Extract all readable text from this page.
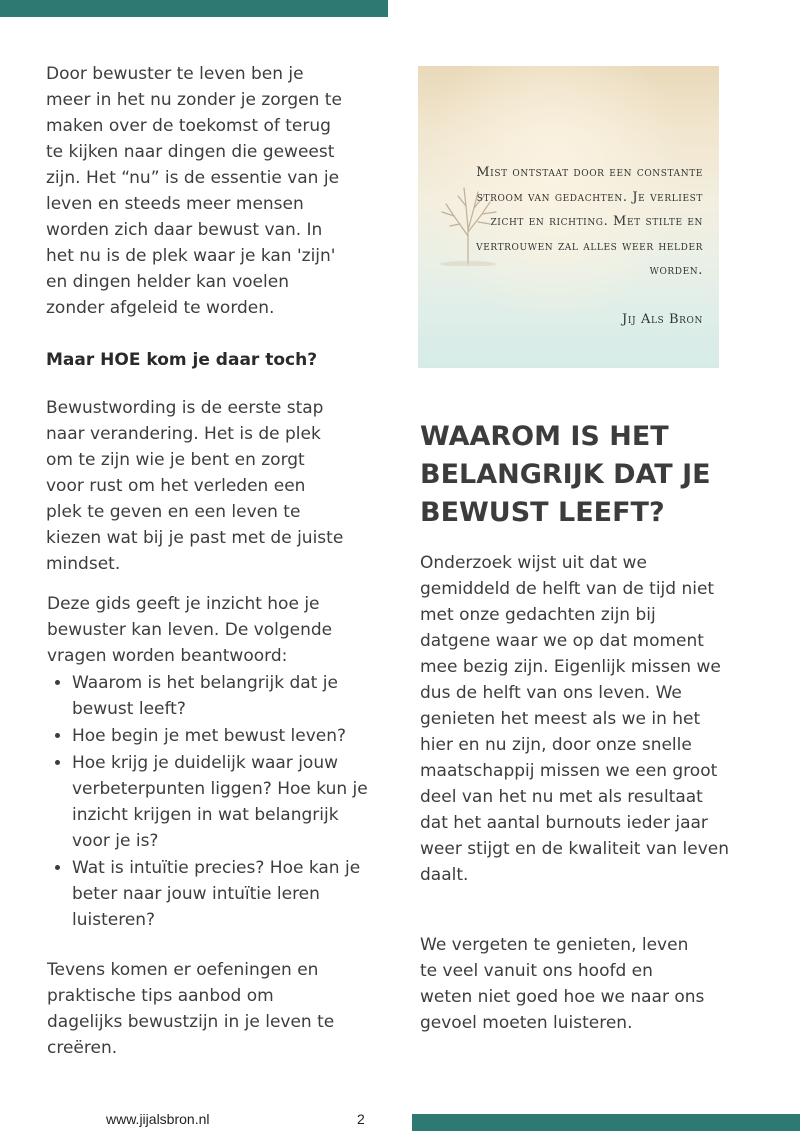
Door bewuster te leven ben je meer in het nu zonder je zorgen te maken over de toekomst of terug te kijken naar dingen die geweest zijn. Het “nu” is de essentie van je leven en steeds meer mensen worden zich daar bewust van. In het nu is de plek waar je kan 'zijn' en dingen helder kan voelen zonder afgeleid te worden.

Maar HOE kom je daar toch?

Bewustwording is de eerste stap naar verandering. Het is de plek om te zijn wie je bent en zorgt voor rust om het verleden een plek te geven en een leven te kiezen wat bij je past met de juiste mindset.

Deze gids geeft je inzicht hoe je bewuster kan leven. De volgende vragen worden beantwoord:

• Waarom is het belangrijk dat je bewust leeft?
• Hoe begin je met bewust leven?
• Hoe krijg je duidelijk waar jouw verbeterpunten liggen? Hoe kun je inzicht krijgen in wat belangrijk voor je is?
• Wat is intuïtie precies? Hoe kan je beter naar jouw intuïtie leren luisteren?

Tevens komen er oefeningen en praktische tips aanbod om dagelijks bewustzijn in je leven te creëren.

Mist ontstaat door een constante stroom van gedachten. Je verliest zicht en richting. Met stilte en vertrouwen zal alles weer helder worden.

Jij Als Bron

WAAROM IS HET BELANGRIJK DAT JE BEWUST LEEFT?

Onderzoek wijst uit dat we gemiddeld de helft van de tijd niet met onze gedachten zijn bij datgene waar we op dat moment mee bezig zijn. Eigenlijk missen we dus de helft van ons leven. We genieten het meest als we in het hier en nu zijn, door onze snelle maatschappij missen we een groot deel van het nu met als resultaat dat het aantal burnouts ieder jaar weer stijgt en de kwaliteit van leven daalt.

We vergeten te genieten, leven te veel vanuit ons hoofd en weten niet goed hoe we naar ons gevoel moeten luisteren.

www.jijalsbron.nl	2
